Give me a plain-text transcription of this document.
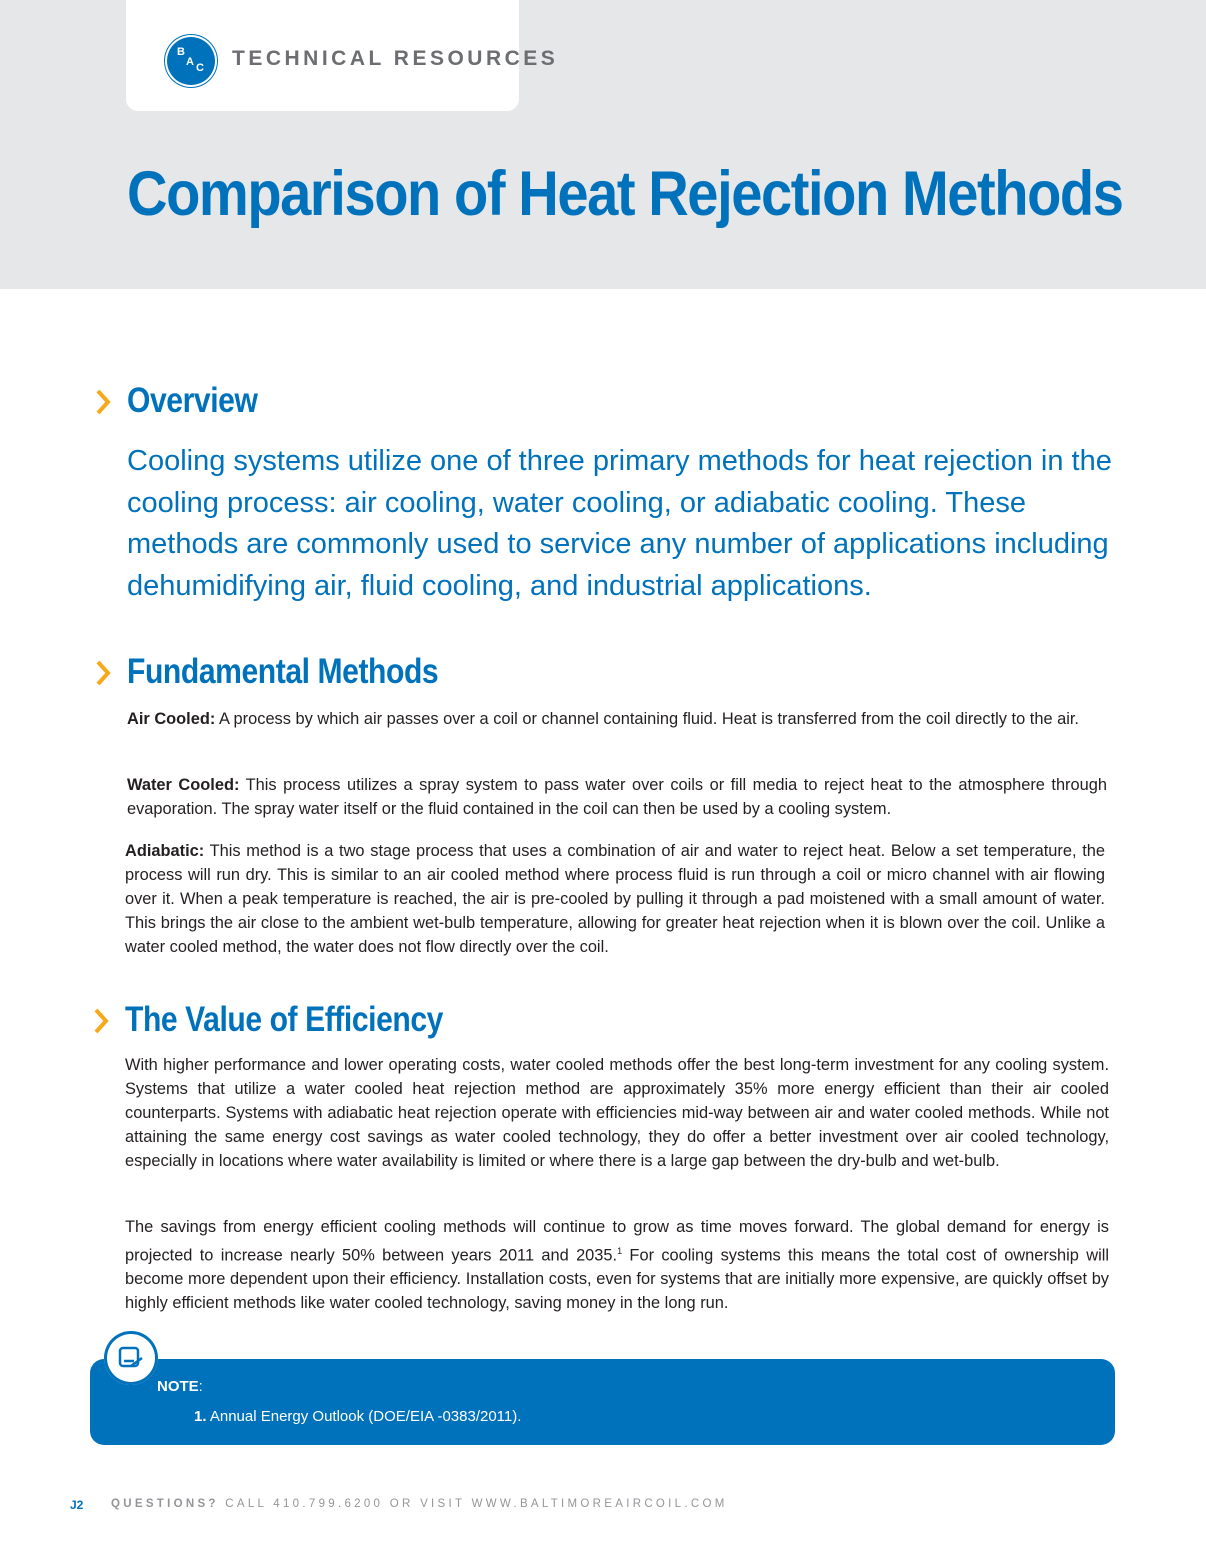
B
A C TECHNICAL RESOURCES
Comparison of Heat Rejection Methods
Overview

Cooling systems utilize one of three primary methods for heat rejection in the cooling process: air cooling, water cooling, or adiabatic cooling. These methods are commonly used to service any number of applications including dehumidifying air, fluid cooling, and industrial applications.

Fundamental Methods

Air Cooled: A process by which air passes over a coil or channel containing fluid. Heat is transferred from the coil directly to the air.

Water Cooled: This process utilizes a spray system to pass water over coils or fill media to reject heat to the atmosphere through evaporation. The spray water itself or the fluid contained in the coil can then be used by a cooling system.

Adiabatic: This method is a two stage process that uses a combination of air and water to reject heat. Below a set temperature, the process will run dry. This is similar to an air cooled method where process fluid is run through a coil or micro channel with air flowing over it. When a peak temperature is reached, the air is pre-cooled by pulling it through a pad moistened with a small amount of water. This brings the air close to the ambient wet-bulb temperature, allowing for greater heat rejection when it is blown over the coil. Unlike a water cooled method, the water does not flow directly over the coil.

The Value of Efficiency

With higher performance and lower operating costs, water cooled methods offer the best long-term investment for any cooling system. Systems that utilize a water cooled heat rejection method are approximately 35% more energy efficient than their air cooled counterparts. Systems with adiabatic heat rejection operate with efficiencies mid-way between air and water cooled methods. While not attaining the same energy cost savings as water cooled technology, they do offer a better investment over air cooled technology, especially in locations where water availability is limited or where there is a large gap between the dry-bulb and wet-bulb.

The savings from energy efficient cooling methods will continue to grow as time moves forward. The global demand for energy is projected to increase nearly 50% between years 2011 and 2035.$^1$ For cooling systems this means the total cost of ownership will become more dependent upon their efficiency. Installation costs, even for systems that are initially more expensive, are quickly offset by highly efficient methods like water cooled technology, saving money in the long run.

NOTE:
1. Annual Energy Outlook (DOE/EIA -0383/2011).
J2 QUESTIONS? CALL 410.799.6200 OR VISIT WWW.BALTIMOREAIRCOIL.COM
